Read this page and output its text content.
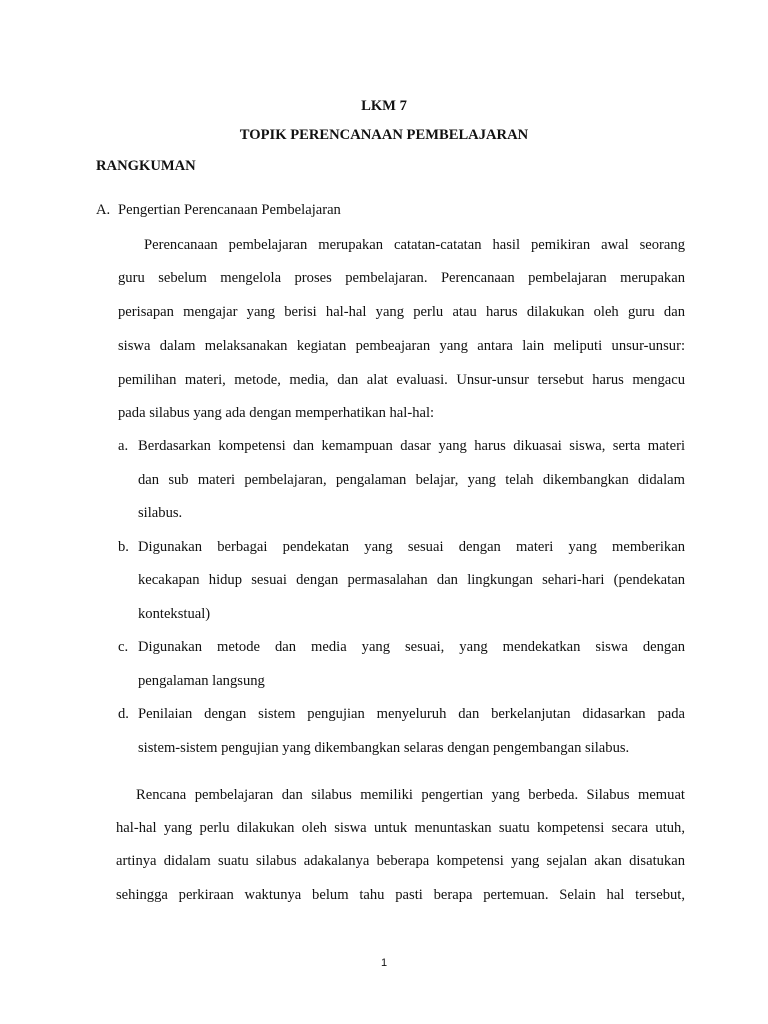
LKM 7
TOPIK PERENCANAAN PEMBELAJARAN
RANGKUMAN
A. Pengertian Perencanaan Pembelajaran
Perencanaan pembelajaran merupakan catatan-catatan hasil pemikiran awal seorang
guru sebelum mengelola proses pembelajaran. Perencanaan pembelajaran merupakan
perisapan mengajar yang berisi hal-hal yang perlu atau harus dilakukan oleh guru dan
siswa dalam melaksanakan kegiatan pembeajaran yang antara lain meliputi unsur-unsur:
pemilihan materi, metode, media, dan alat evaluasi. Unsur-unsur tersebut harus mengacu
pada silabus yang ada dengan memperhatikan hal-hal:
a. Berdasarkan kompetensi dan kemampuan dasar yang harus dikuasai siswa, serta materi
dan sub materi pembelajaran, pengalaman belajar, yang telah dikembangkan didalam
silabus.
b. Digunakan berbagai pendekatan yang sesuai dengan materi yang memberikan
kecakapan hidup sesuai dengan permasalahan dan lingkungan sehari-hari (pendekatan
kontekstual)
c. Digunakan metode dan media yang sesuai, yang mendekatkan siswa dengan
pengalaman langsung
d. Penilaian dengan sistem pengujian menyeluruh dan berkelanjutan didasarkan pada
sistem-sistem pengujian yang dikembangkan selaras dengan pengembangan silabus.
Rencana pembelajaran dan silabus memiliki pengertian yang berbeda. Silabus memuat
hal-hal yang perlu dilakukan oleh siswa untuk menuntaskan suatu kompetensi secara utuh,
artinya didalam suatu silabus adakalanya beberapa kompetensi yang sejalan akan disatukan
sehingga perkiraan waktunya belum tahu pasti berapa pertemuan. Selain hal tersebut,
1
